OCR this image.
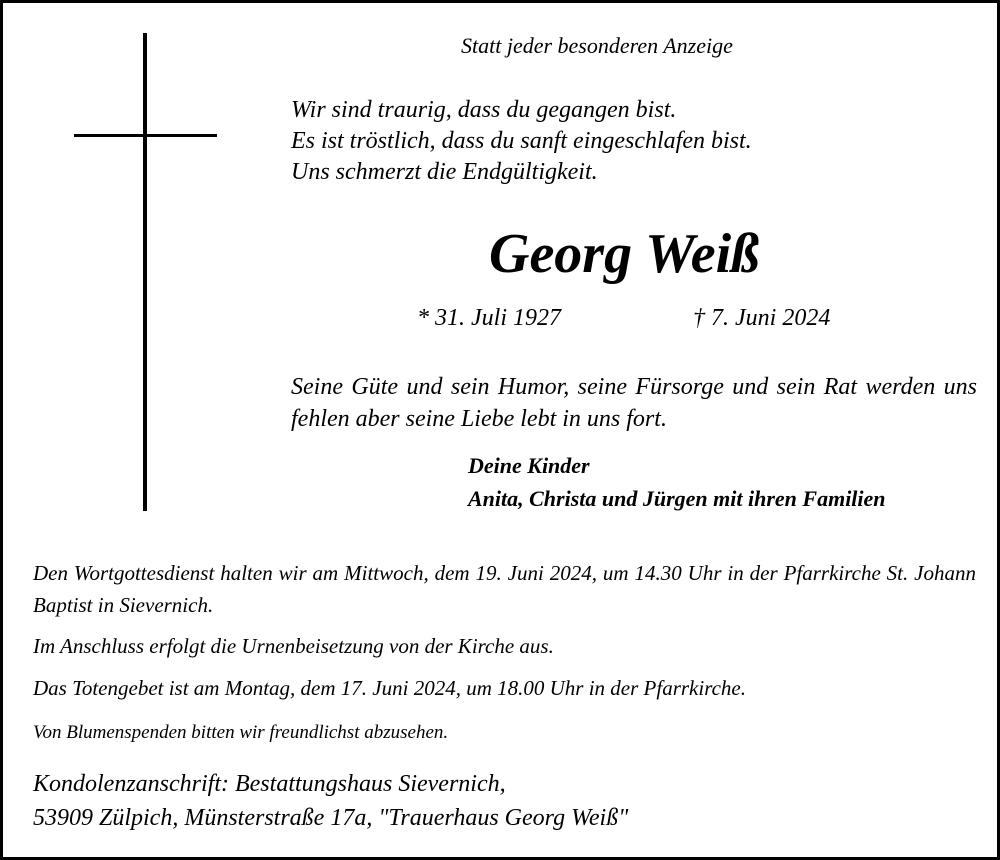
Statt jeder besonderen Anzeige
Wir sind traurig, dass du gegangen bist.
Es ist tröstlich, dass du sanft eingeschlafen bist.
Uns schmerzt die Endgültigkeit.
Georg Weiß
* 31. Juli 1927	† 7. Juni 2024
Seine Güte und sein Humor, seine Fürsorge und sein Rat werden uns fehlen aber seine Liebe lebt in uns fort.
Deine Kinder
Anita, Christa und Jürgen mit ihren Familien
Den Wortgottesdienst halten wir am Mittwoch, dem 19. Juni 2024, um 14.30 Uhr in der Pfarrkirche St. Johann Baptist in Sievernich.
Im Anschluss erfolgt die Urnenbeisetzung von der Kirche aus.
Das Totengebet ist am Montag, dem 17. Juni 2024, um 18.00 Uhr in der Pfarrkirche.
Von Blumenspenden bitten wir freundlichst abzusehen.
Kondolenzanschrift: Bestattungshaus Sievernich,
53909 Zülpich, Münsterstraße 17a, "Trauerhaus Georg Weiß"
